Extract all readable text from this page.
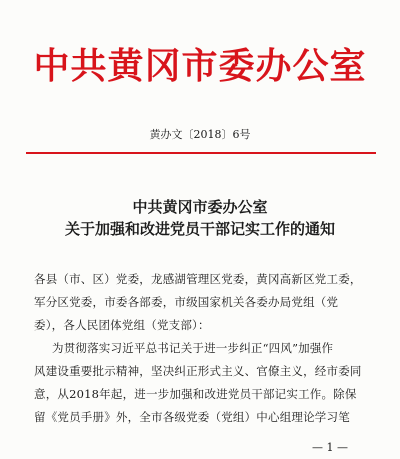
中共黄冈市委办公室
黄办文〔2018〕6号
中共黄冈市委办公室
关于加强和改进党员干部记实工作的通知
各县（市、区）党委，龙感湖管理区党委，黄冈高新区党工委，
军分区党委，市委各部委，市级国家机关各委办局党组（党
委），各人民团体党组（党支部）：
为贯彻落实习近平总书记关于进一步纠正“四风”加强作
风建设重要批示精神，坚决纠正形式主义、官僚主义，经市委同
意，从2018年起，进一步加强和改进党员干部记实工作。除保
留《党员手册》外，全市各级党委（党组）中心组理论学习笔
— 1 —
